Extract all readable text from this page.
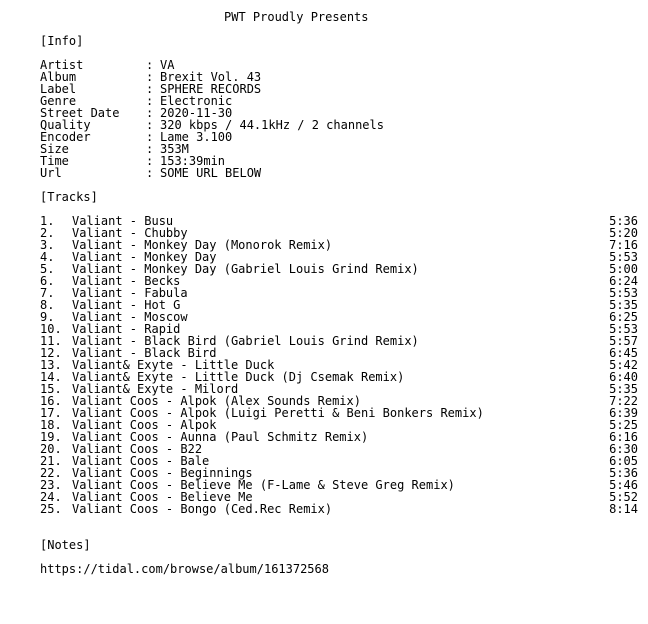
PWT Proudly Presents
[Info]
Artist	: VA
Album	: Brexit Vol. 43
Label	: SPHERE RECORDS
Genre	: Electronic
Street Date : 2020-11-30
Quality	: 320 kbps / 44.1kHz / 2 channels
Encoder	: Lame 3.100
Size	: 353M
Time	: 153:39min
Url	: SOME URL BELOW
[Tracks]
1. Valiant - Busu	5:36
2. Valiant - Chubby	5:20
3. Valiant - Monkey Day (Monorok Remix)	7:16
4. Valiant - Monkey Day	5:53
5. Valiant - Monkey Day (Gabriel Louis Grind Remix)	5:00
6. Valiant - Becks	6:24
7. Valiant - Fabula	5:53
8. Valiant - Hot G	5:35
9. Valiant - Moscow	6:25
10. Valiant - Rapid	5:53
11. Valiant - Black Bird (Gabriel Louis Grind Remix)	5:57
12. Valiant - Black Bird	6:45
13. Valiant& Exyte - Little Duck	5:42
14. Valiant& Exyte - Little Duck (Dj Csemak Remix)	6:40
15. Valiant& Exyte - Milord	5:35
16. Valiant Coos - Alpok (Alex Sounds Remix)	7:22
17. Valiant Coos - Alpok (Luigi Peretti & Beni Bonkers Remix)	6:39
18. Valiant Coos - Alpok	5:25
19. Valiant Coos - Aunna (Paul Schmitz Remix)	6:16
20. Valiant Coos - B22	6:30
21. Valiant Coos - Bale	6:05
22. Valiant Coos - Beginnings	5:36
23. Valiant Coos - Believe Me (F-Lame & Steve Greg Remix)	5:46
24. Valiant Coos - Believe Me	5:52
25. Valiant Coos - Bongo (Ced.Rec Remix)	8:14
[Notes]
https://tidal.com/browse/album/161372568
